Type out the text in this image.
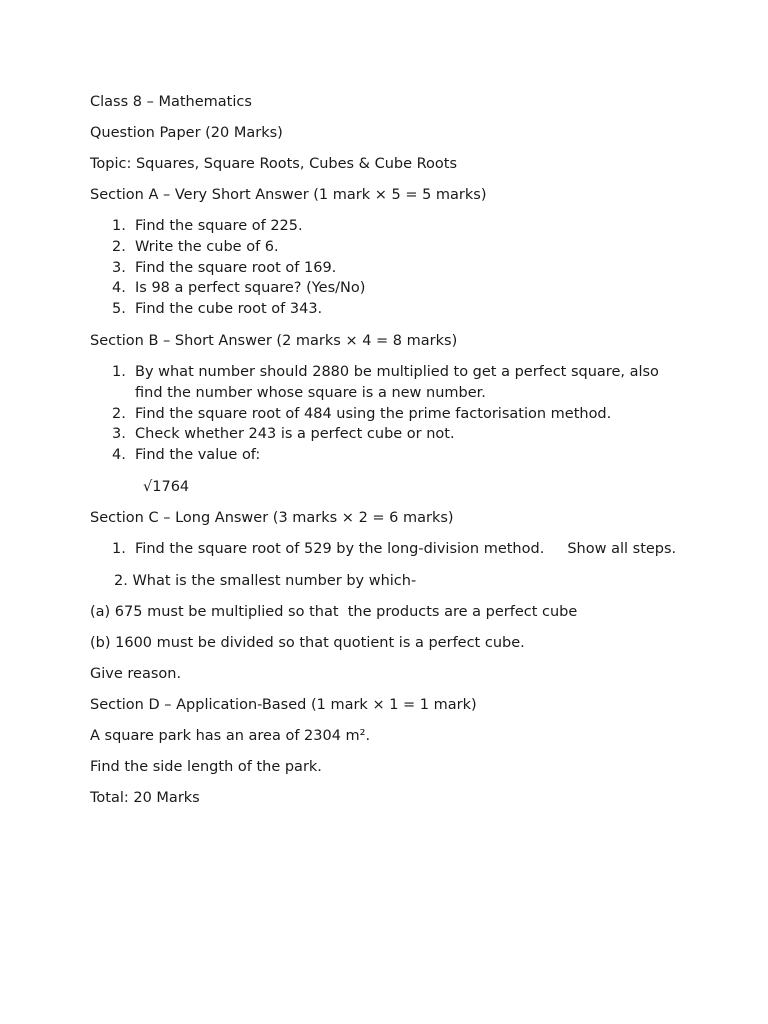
Class 8 – Mathematics

Question Paper (20 Marks)

Topic: Squares, Square Roots, Cubes & Cube Roots

Section A – Very Short Answer (1 mark × 5 = 5 marks)

1. Find the square of 225.
2. Write the cube of 6.
3. Find the square root of 169.
4. Is 98 a perfect square? (Yes/No)
5. Find the cube root of 343.

Section B – Short Answer (2 marks × 4 = 8 marks)

1. By what number should 2880 be multiplied to get a perfect square, also find the number whose square is a new number.
2. Find the square root of 484 using the prime factorisation method.
3. Check whether 243 is a perfect cube or not.
4. Find the value of:

√1764

Section C – Long Answer (3 marks × 2 = 6 marks)

1. Find the square root of 529 by the long-division method.     Show all steps.

2. What is the smallest number by which-

(a) 675 must be multiplied so that  the products are a perfect cube

(b) 1600 must be divided so that quotient is a perfect cube.

Give reason.

Section D – Application-Based (1 mark × 1 = 1 mark)

A square park has an area of 2304 m².

Find the side length of the park.

Total: 20 Marks
